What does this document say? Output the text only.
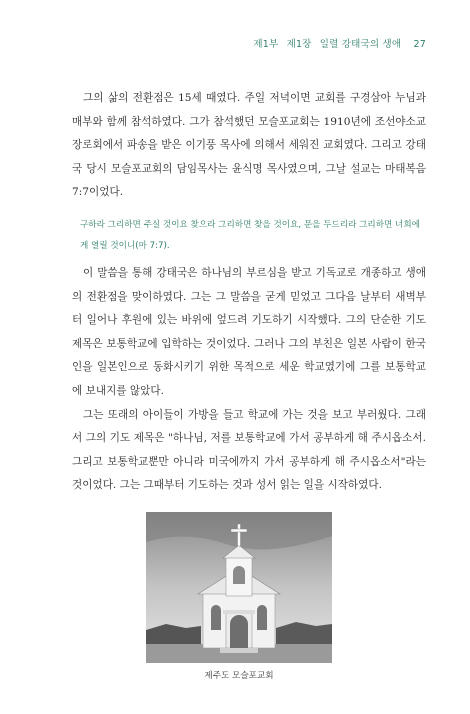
제1부 제1장 일렬 강태국의 생애 27

그의 삶의 전환점은 15세 때였다. 주일 저녁이면 교회를 구경삼아 누님과 매부와 함께 참석하였다. 그가 참석했던 모슬포교회는 1910년에 조선야소교장로회에서 파송을 받은 이기풍 목사에 의해서 세워진 교회였다. 그리고 강태국 당시 모슬포교회의 담임목사는 윤식명 목사였으며, 그날 설교는 마태복음 7:7이었다.

구하라 그리하면 주실 것이요 찾으라 그리하면 찾을 것이요, 문을 두드리라 그리하면 너희에게 열릴 것이니(마 7:7).

이 말씀을 통해 강태국은 하나님의 부르심을 받고 기독교로 개종하고 생애의 전환점을 맞이하였다. 그는 그 말씀을 굳게 믿었고 그다음 날부터 새벽부터 일어나 후원에 있는 바위에 엎드려 기도하기 시작했다. 그의 단순한 기도 제목은 보통학교에 입학하는 것이었다. 그러나 그의 부친은 일본 사람이 한국인을 일본인으로 동화시키기 위한 목적으로 세운 학교였기에 그를 보통학교에 보내지를 않았다.

그는 또래의 아이들이 가방을 들고 학교에 가는 것을 보고 부러웠다. 그래서 그의 기도 제목은 "하나님, 저를 보통학교에 가서 공부하게 해 주시옵소서. 그리고 보통학교뿐만 아니라 미국에까지 가서 공부하게 해 주시옵소서"라는 것이었다. 그는 그때부터 기도하는 것과 성서 읽는 일을 시작하였다.

제주도 모슬포교회
